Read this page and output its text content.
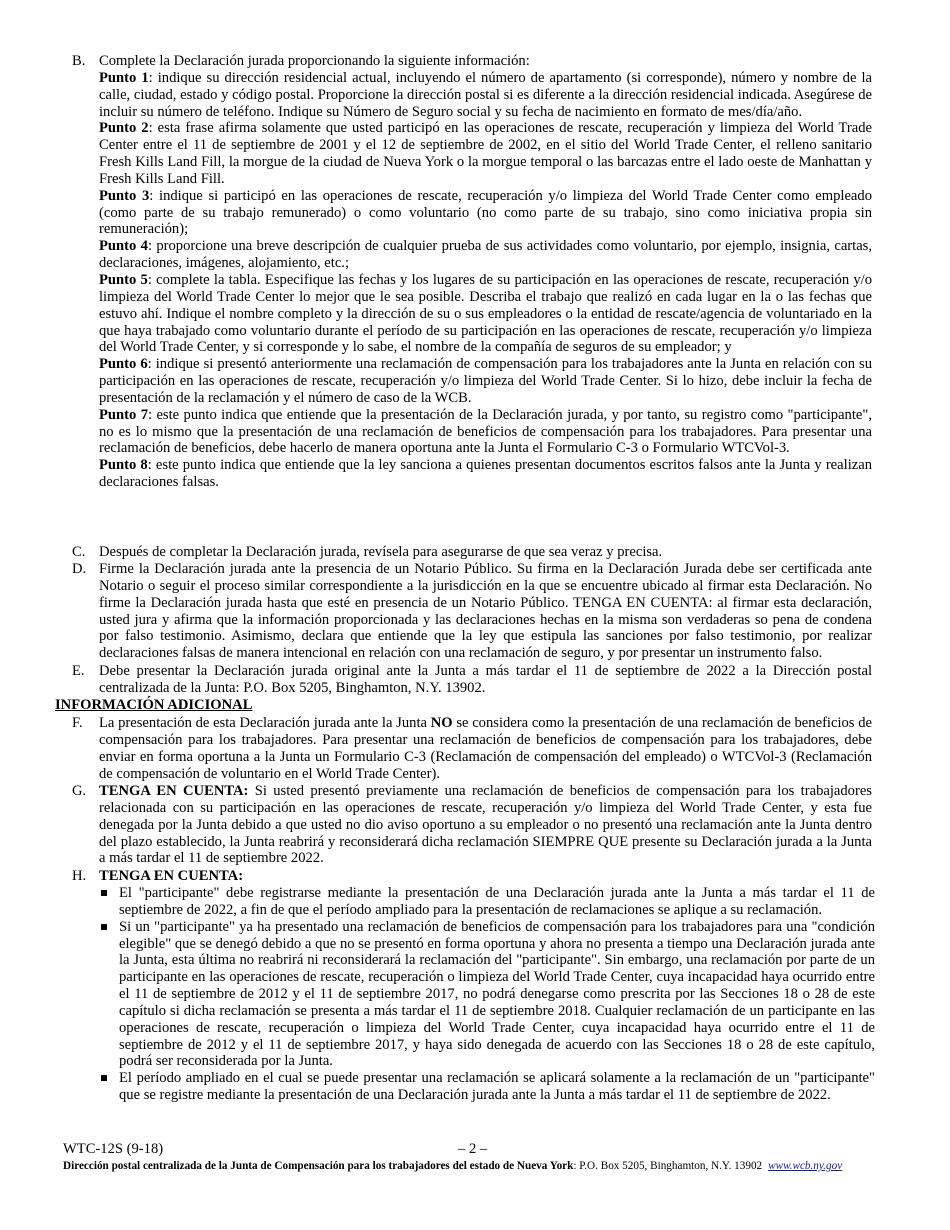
B. Complete la Declaración jurada proporcionando la siguiente información:

Punto 1: indique su dirección residencial actual, incluyendo el número de apartamento (si corresponde), número y nombre de la calle, ciudad, estado y código postal. Proporcione la dirección postal si es diferente a la dirección residencial indicada. Asegúrese de incluir su número de teléfono. Indique su Número de Seguro social y su fecha de nacimiento en formato de mes/día/año.

Punto 2: esta frase afirma solamente que usted participó en las operaciones de rescate, recuperación y limpieza del World Trade Center entre el 11 de septiembre de 2001 y el 12 de septiembre de 2002, en el sitio del World Trade Center, el relleno sanitario Fresh Kills Land Fill, la morgue de la ciudad de Nueva York o la morgue temporal o las barcazas entre el lado oeste de Manhattan y Fresh Kills Land Fill.

Punto 3: indique si participó en las operaciones de rescate, recuperación y/o limpieza del World Trade Center como empleado (como parte de su trabajo remunerado) o como voluntario (no como parte de su trabajo, sino como iniciativa propia sin remuneración);

Punto 4: proporcione una breve descripción de cualquier prueba de sus actividades como voluntario, por ejemplo, insignia, cartas, declaraciones, imágenes, alojamiento, etc.;

Punto 5: complete la tabla. Especifique las fechas y los lugares de su participación en las operaciones de rescate, recuperación y/o limpieza del World Trade Center lo mejor que le sea posible. Describa el trabajo que realizó en cada lugar en la o las fechas que estuvo ahí. Indique el nombre completo y la dirección de su o sus empleadores o la entidad de rescate/agencia de voluntariado en la que haya trabajado como voluntario durante el período de su participación en las operaciones de rescate, recuperación y/o limpieza del World Trade Center, y si corresponde y lo sabe, el nombre de la compañía de seguros de su empleador; y

Punto 6: indique si presentó anteriormente una reclamación de compensación para los trabajadores ante la Junta en relación con su participación en las operaciones de rescate, recuperación y/o limpieza del World Trade Center. Si lo hizo, debe incluir la fecha de presentación de la reclamación y el número de caso de la WCB.

Punto 7: este punto indica que entiende que la presentación de la Declaración jurada, y por tanto, su registro como "participante", no es lo mismo que la presentación de una reclamación de beneficios de compensación para los trabajadores. Para presentar una reclamación de beneficios, debe hacerlo de manera oportuna ante la Junta el Formulario C-3 o Formulario WTCVol-3.

Punto 8: este punto indica que entiende que la ley sanciona a quienes presentan documentos escritos falsos ante la Junta y realizan declaraciones falsas.

C. Después de completar la Declaración jurada, revísela para asegurarse de que sea veraz y precisa.
D. Firme la Declaración jurada ante la presencia de un Notario Público. Su firma en la Declaración Jurada debe ser certificada ante Notario o seguir el proceso similar correspondiente a la jurisdicción en la que se encuentre ubicado al firmar esta Declaración. No firme la Declaración jurada hasta que esté en presencia de un Notario Público. TENGA EN CUENTA: al firmar esta declaración, usted jura y afirma que la información proporcionada y las declaraciones hechas en la misma son verdaderas so pena de condena por falso testimonio. Asimismo, declara que entiende que la ley que estipula las sanciones por falso testimonio, por realizar declaraciones falsas de manera intencional en relación con una reclamación de seguro, y por presentar un instrumento falso.
E. Debe presentar la Declaración jurada original ante la Junta a más tardar el 11 de septiembre de 2022 a la Dirección postal centralizada de la Junta: P.O. Box 5205, Binghamton, N.Y. 13902.
INFORMACIÓN ADICIONAL
F. La presentación de esta Declaración jurada ante la Junta NO se considera como la presentación de una reclamación de beneficios de compensación para los trabajadores. Para presentar una reclamación de beneficios de compensación para los trabajadores, debe enviar en forma oportuna a la Junta un Formulario C-3 (Reclamación de compensación del empleado) o WTCVol-3 (Reclamación de compensación de voluntario en el World Trade Center).
G. TENGA EN CUENTA: Si usted presentó previamente una reclamación de beneficios de compensación para los trabajadores relacionada con su participación en las operaciones de rescate, recuperación y/o limpieza del World Trade Center, y esta fue denegada por la Junta debido a que usted no dio aviso oportuno a su empleador o no presentó una reclamación ante la Junta dentro del plazo establecido, la Junta reabrirá y reconsiderará dicha reclamación SIEMPRE QUE presente su Declaración jurada a la Junta a más tardar el 11 de septiembre 2022.
H. TENGA EN CUENTA:
El "participante" debe registrarse mediante la presentación de una Declaración jurada ante la Junta a más tardar el 11 de septiembre de 2022, a fin de que el período ampliado para la presentación de reclamaciones se aplique a su reclamación.
Si un "participante" ya ha presentado una reclamación de beneficios de compensación para los trabajadores para una "condición elegible" que se denegó debido a que no se presentó en forma oportuna y ahora no presenta a tiempo una Declaración jurada ante la Junta, esta última no reabrirá ni reconsiderará la reclamación del "participante". Sin embargo, una reclamación por parte de un participante en las operaciones de rescate, recuperación o limpieza del World Trade Center, cuya incapacidad haya ocurrido entre el 11 de septiembre de 2012 y el 11 de septiembre 2017, no podrá denegarse como prescrita por las Secciones 18 o 28 de este capítulo si dicha reclamación se presenta a más tardar el 11 de septiembre 2018. Cualquier reclamación de un participante en las operaciones de rescate, recuperación o limpieza del World Trade Center, cuya incapacidad haya ocurrido entre el 11 de septiembre de 2012 y el 11 de septiembre 2017, y haya sido denegada de acuerdo con las Secciones 18 o 28 de este capítulo, podrá ser reconsiderada por la Junta.
El período ampliado en el cual se puede presentar una reclamación se aplicará solamente a la reclamación de un "participante" que se registre mediante la presentación de una Declaración jurada ante la Junta a más tardar el 11 de septiembre de 2022.
WTC-12S (9-18)	– 2 –
Dirección postal centralizada de la Junta de Compensación para los trabajadores del estado de Nueva York: P.O. Box 5205, Binghamton, N.Y. 13902 www.wcb.ny.gov
